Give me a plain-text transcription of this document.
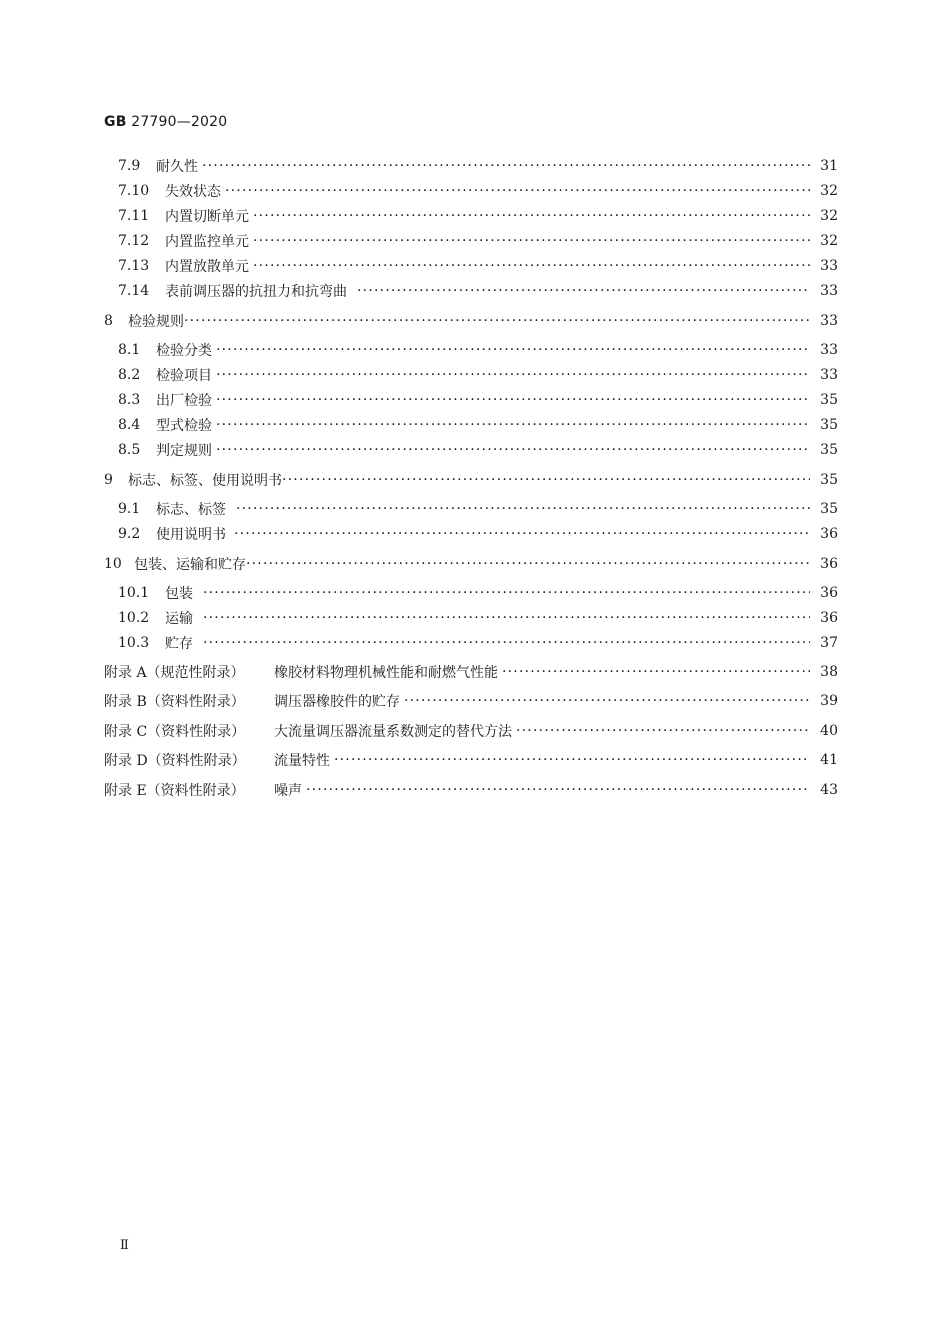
GB 27790—2020
7.9	耐久性 ·····	31
7.10	失效状态 ·····	32
7.11	内置切断单元 ·····	32
7.12	内置监控单元 ·····	32
7.13	内置放散单元 ·····	33
7.14	表前调压器的抗扭力和抗弯曲 ·····	33
8	检验规则 ·····	33
8.1	检验分类 ·····	33
8.2	检验项目 ·····	33
8.3	出厂检验 ·····	35
8.4	型式检验 ·····	35
8.5	判定规则 ·····	35
9	标志、标签、使用说明书 ·····	35
9.1	标志、标签 ·····	35
9.2	使用说明书 ·····	36
10 包装、运输和贮存 ·····	36
10.1	包装 ·····	36
10.2	运输 ·····	36
10.3	贮存 ·····	37
附录 A（规范性附录）	橡胶材料物理机械性能和耐燃气性能 ·····	38
附录 B（资料性附录）	调压器橡胶件的贮存 ·····	39
附录 C（资料性附录）	大流量调压器流量系数测定的替代方法 ·····	40
附录 D（资料性附录）	流量特性 ·····	41
附录 E（资料性附录）	噪声 ·····	43
Ⅱ
